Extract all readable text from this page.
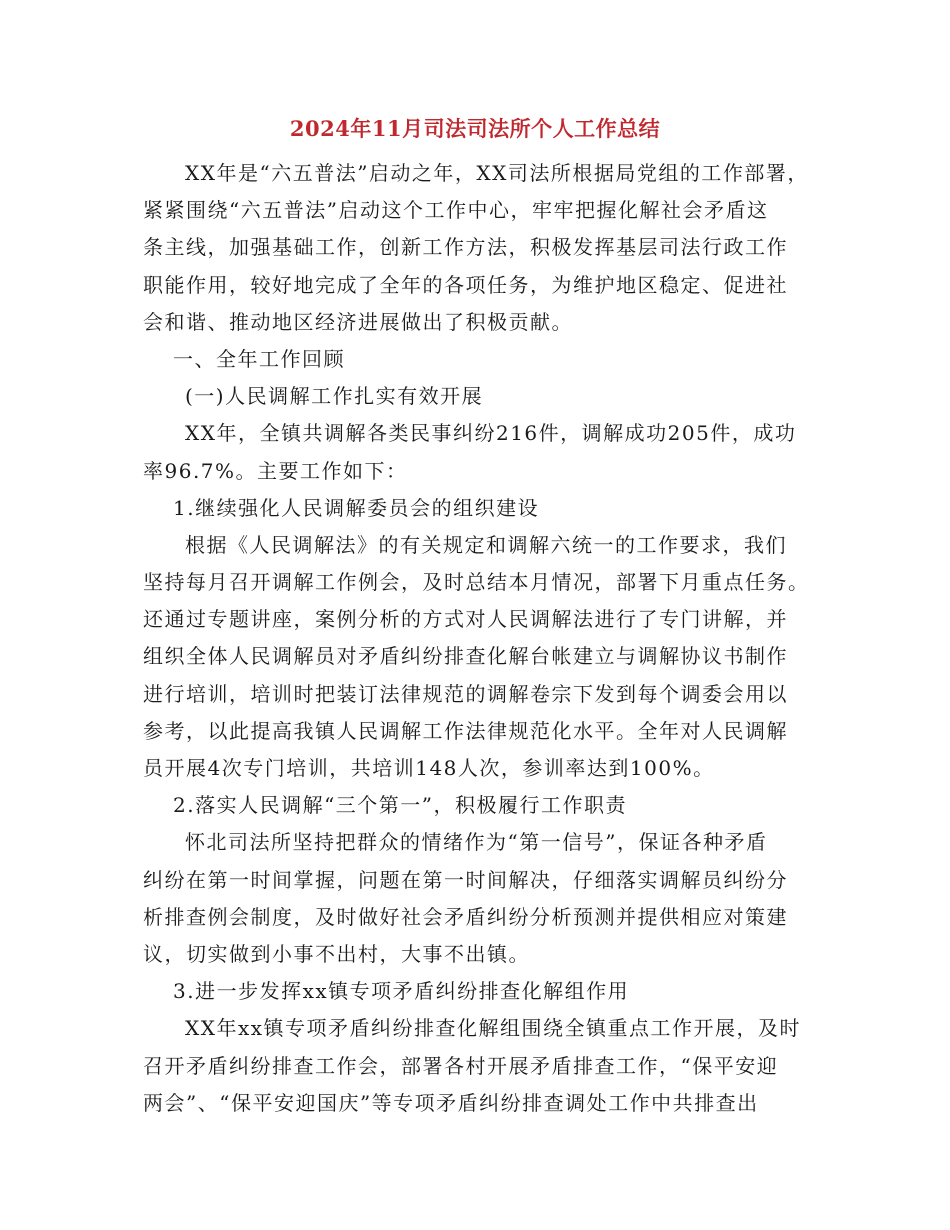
2024年11月司法司法所个人工作总结
XX年是“六五普法”启动之年，XX司法所根据局党组的工作部署，
紧紧围绕“六五普法”启动这个工作中心，牢牢把握化解社会矛盾这
条主线，加强基础工作，创新工作方法，积极发挥基层司法行政工作
职能作用，较好地完成了全年的各项任务，为维护地区稳定、促进社
会和谐、推动地区经济进展做出了积极贡献。
一、全年工作回顾
(一)人民调解工作扎实有效开展
XX年，全镇共调解各类民事纠纷216件，调解成功205件，成功
率96.7%。主要工作如下：
1.继续强化人民调解委员会的组织建设
根据《人民调解法》的有关规定和调解六统一的工作要求，我们
坚持每月召开调解工作例会，及时总结本月情况，部署下月重点任务。
还通过专题讲座，案例分析的方式对人民调解法进行了专门讲解，并
组织全体人民调解员对矛盾纠纷排查化解台帐建立与调解协议书制作
进行培训，培训时把装订法律规范的调解卷宗下发到每个调委会用以
参考，以此提高我镇人民调解工作法律规范化水平。全年对人民调解
员开展4次专门培训，共培训148人次，参训率达到100%。
2.落实人民调解“三个第一”，积极履行工作职责
怀北司法所坚持把群众的情绪作为“第一信号”，保证各种矛盾
纠纷在第一时间掌握，问题在第一时间解决，仔细落实调解员纠纷分
析排查例会制度，及时做好社会矛盾纠纷分析预测并提供相应对策建
议，切实做到小事不出村，大事不出镇。
3.进一步发挥xx镇专项矛盾纠纷排查化解组作用
XX年xx镇专项矛盾纠纷排查化解组围绕全镇重点工作开展，及时
召开矛盾纠纷排查工作会，部署各村开展矛盾排查工作，“保平安迎
两会”、“保平安迎国庆”等专项矛盾纠纷排查调处工作中共排查出
